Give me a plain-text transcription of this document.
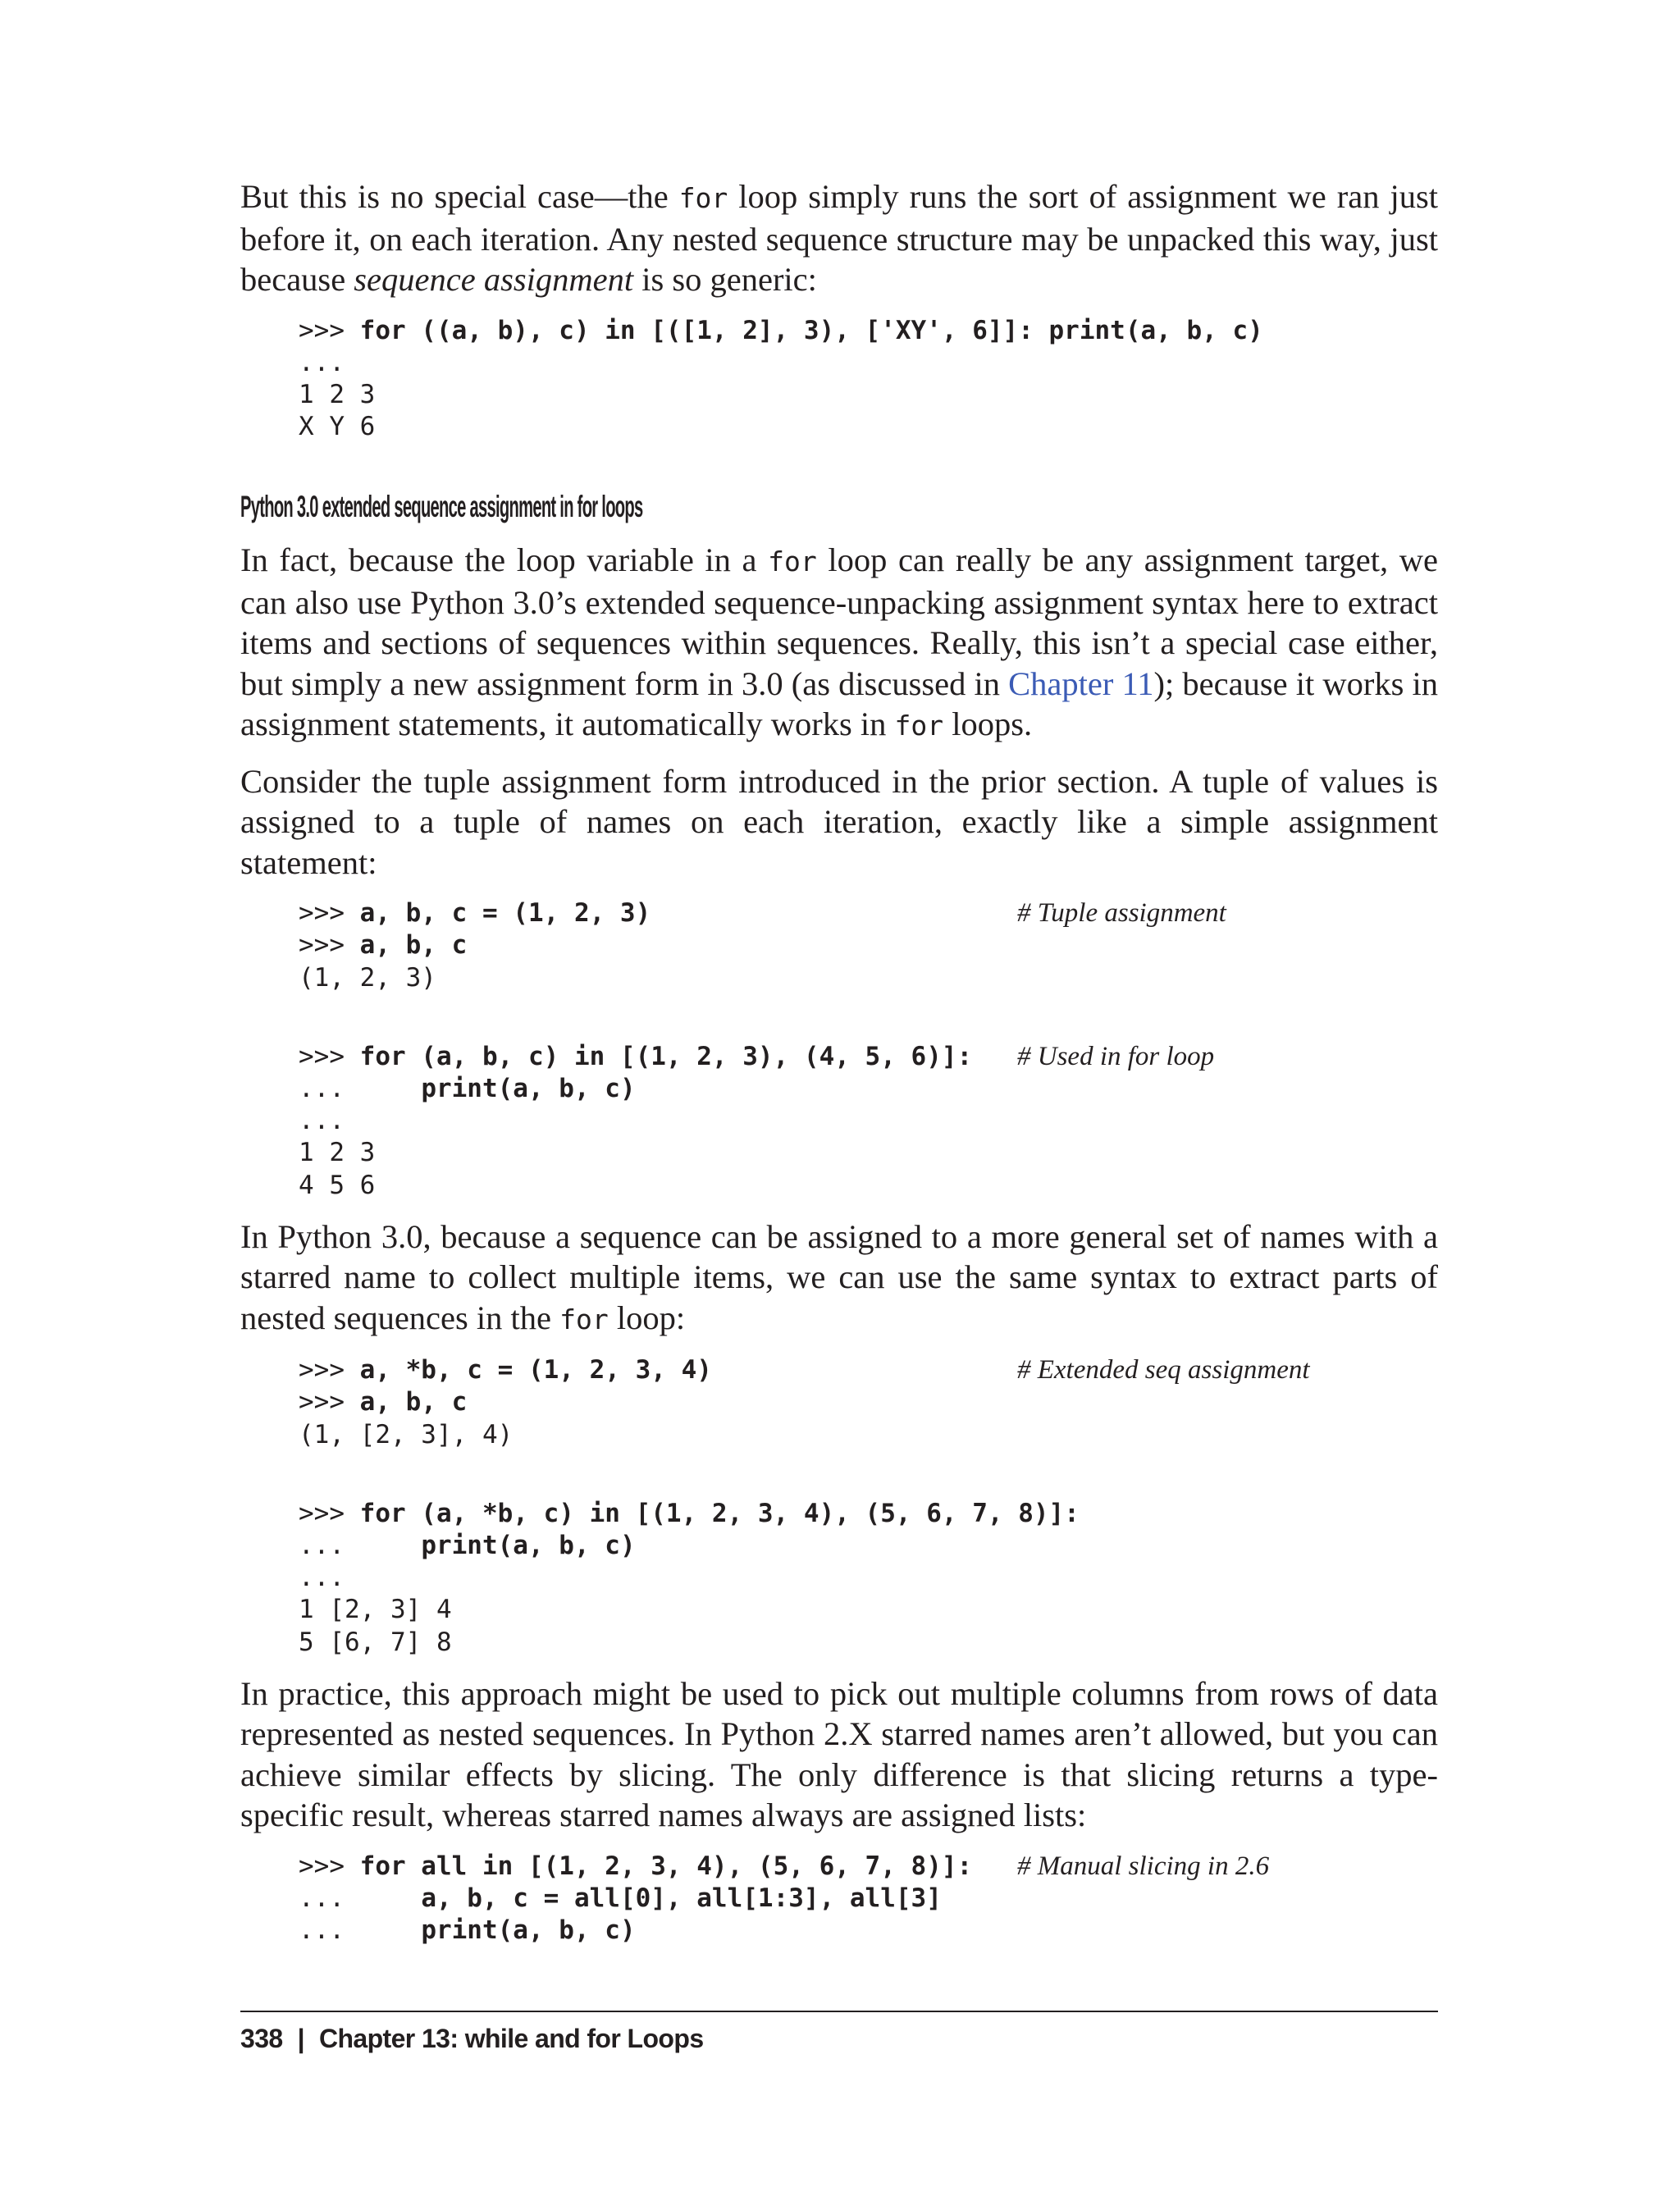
But this is no special case—the for loop simply runs the sort of assignment we ran just before it, on each iteration. Any nested sequence structure may be unpacked this way, just because sequence assignment is so generic:

>>> for ((a, b), c) in [([1, 2], 3), ['XY', 6]]: print(a, b, c)
...
1 2 3
X Y 6
Python 3.0 extended sequence assignment in for loops

In fact, because the loop variable in a for loop can really be any assignment target, we can also use Python 3.0’s extended sequence-unpacking assignment syntax here to extract items and sections of sequences within sequences. Really, this isn’t a special case either, but simply a new assignment form in 3.0 (as discussed in Chapter 11); because it works in assignment statements, it automatically works in for loops.

Consider the tuple assignment form introduced in the prior section. A tuple of values is assigned to a tuple of names on each iteration, exactly like a simple assignment statement:

>>> a, b, c = (1, 2, 3)	# Tuple assignment
>>> a, b, c
(1, 2, 3)
>>> for (a, b, c) in [(1, 2, 3), (4, 5, 6)]: # Used in for loop
...     print(a, b, c)
...
1 2 3
4 5 6

In Python 3.0, because a sequence can be assigned to a more general set of names with a starred name to collect multiple items, we can use the same syntax to extract parts of nested sequences in the for loop:

>>> a, *b, c = (1, 2, 3, 4)	# Extended seq assignment
>>> a, b, c
(1, [2, 3], 4)
>>> for (a, *b, c) in [(1, 2, 3, 4), (5, 6, 7, 8)]:
...     print(a, b, c)
...
1 [2, 3] 4
5 [6, 7] 8

In practice, this approach might be used to pick out multiple columns from rows of data represented as nested sequences. In Python 2.X starred names aren’t allowed, but you can achieve similar effects by slicing. The only difference is that slicing returns a type-specific result, whereas starred names always are assigned lists:

>>> for all in [(1, 2, 3, 4), (5, 6, 7, 8)]: # Manual slicing in 2.6
...     a, b, c = all[0], all[1:3], all[3]
...     print(a, b, c)
338 | Chapter 13: while and for Loops
